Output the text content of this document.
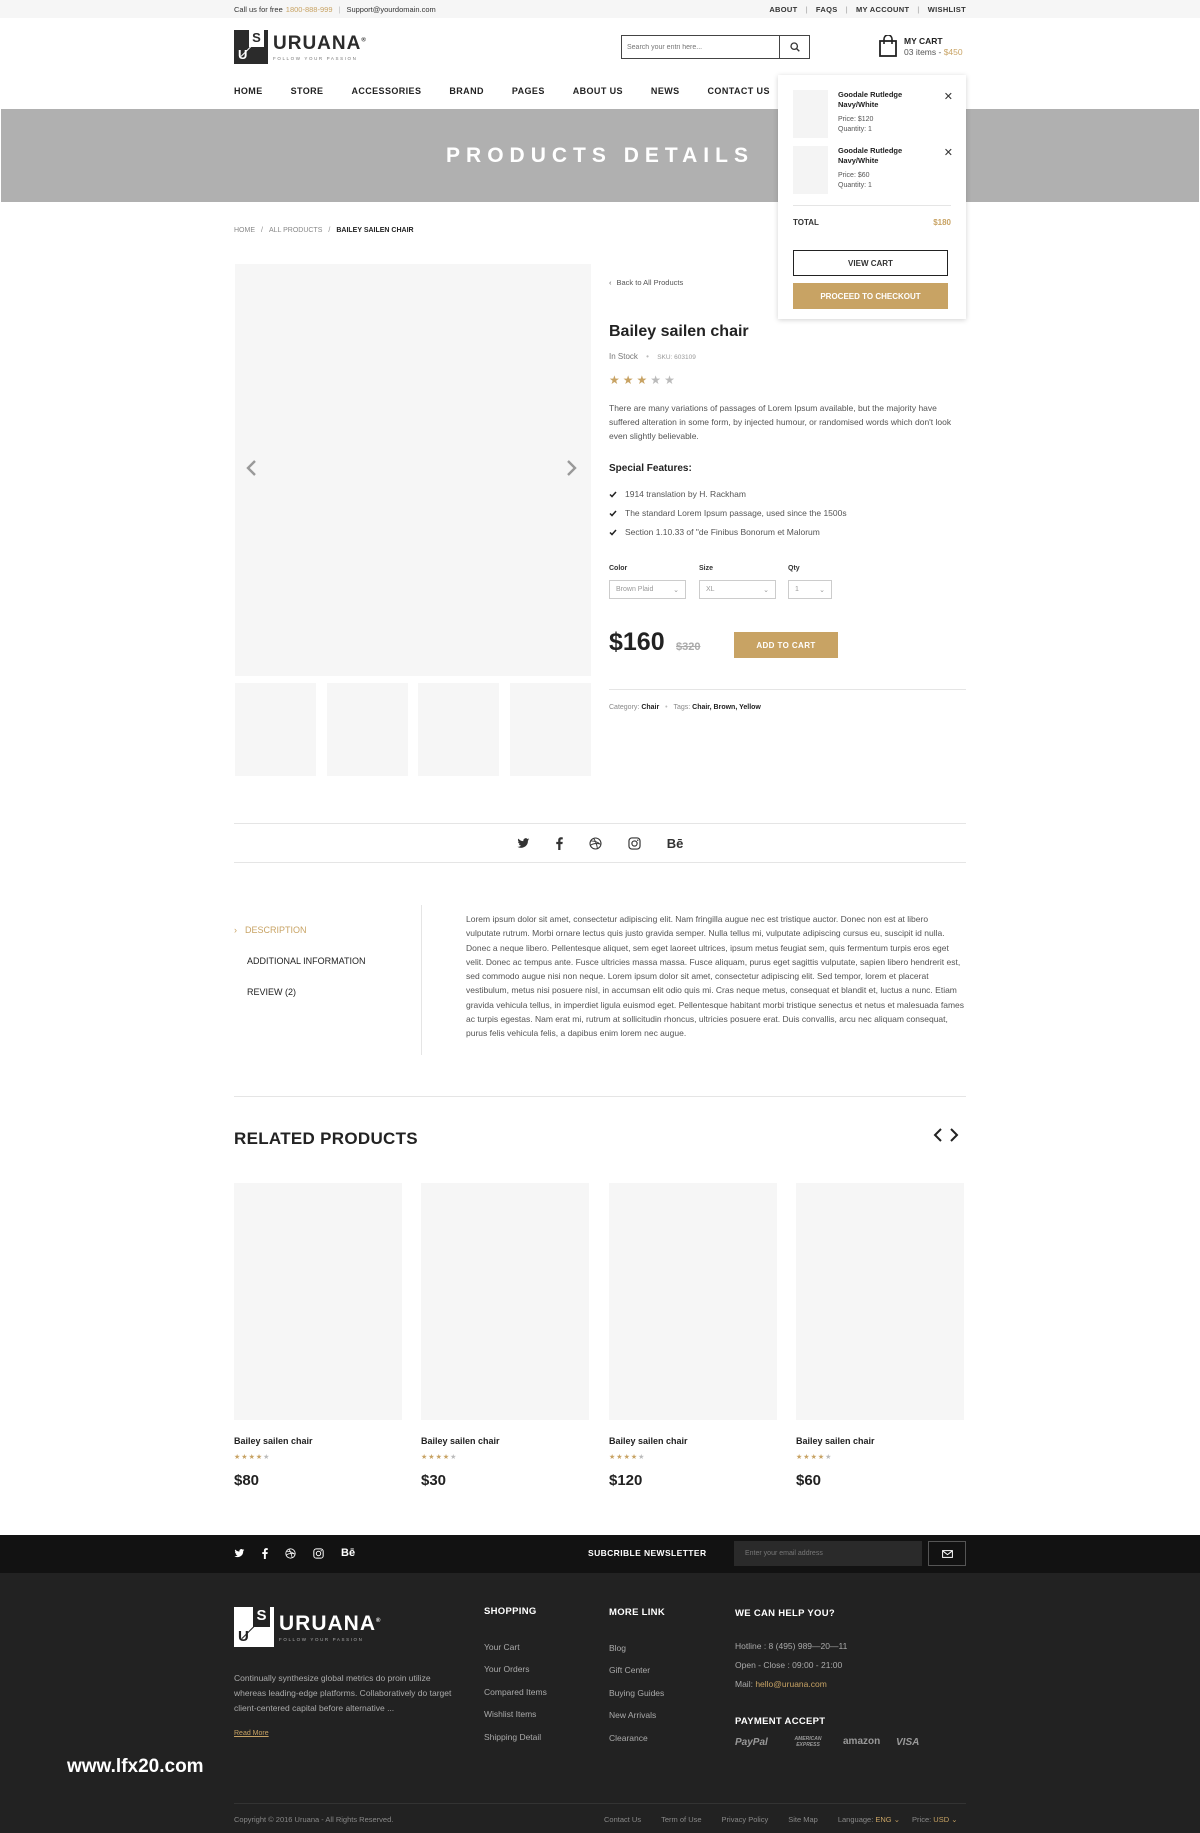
Call us for free 1800-888-999 | Support@yourdomain.com	ABOUT | FAQS | MY ACCOUNT | WISHLIST
U
S URUANA®
FOLLOW YOUR PASSION
Search your entri here...
MY CART
03 items - $450
HOME	STORE	ACCESSORIES	BRAND	PAGES	ABOUT US	NEWS	CONTACT US
PRODUCTS DETAILS
HOME / ALL PRODUCTS / BAILEY SAILEN CHAIR
‹ Back to All Products
Bailey sailen chair
In Stock • SKU: 603109
★ ★ ★ ★ ★
There are many variations of passages of Lorem Ipsum available, but the majority have suffered alteration in some form, by injected humour, or randomised words which don't look even slightly believable.
Special Features:
1914 translation by H. Rackham
The standard Lorem Ipsum passage, used since the 1500s
Section 1.10.33 of "de Finibus Bonorum et Malorum
Color	Size	Qty
Brown Plaid	⌄	XL	⌄	1	⌄
$160 $320	ADD TO CART
Category: Chair • Tags: Chair, Brown, Yellow
Goodale Rutledge Navy/White
Price: $120
Quantity: 1
✕
Goodale Rutledge Navy/White
Price: $60
Quantity: 1
✕
TOTAL	$180
VIEW CART
PROCEED TO CHECKOUT
Bē
› DESCRIPTION
ADDITIONAL INFORMATION
REVIEW (2)
Lorem ipsum dolor sit amet, consectetur adipiscing elit. Nam fringilla augue nec est tristique auctor. Donec non est at libero vulputate rutrum. Morbi ornare lectus quis justo gravida semper. Nulla tellus mi, vulputate adipiscing cursus eu, suscipit id nulla. Donec a neque libero. Pellentesque aliquet, sem eget laoreet ultrices, ipsum metus feugiat sem, quis fermentum turpis eros eget velit. Donec ac tempus ante. Fusce ultricies massa massa. Fusce aliquam, purus eget sagittis vulputate, sapien libero hendrerit est, sed commodo augue nisi non neque. Lorem ipsum dolor sit amet, consectetur adipiscing elit. Sed tempor, lorem et placerat vestibulum, metus nisi posuere nisl, in accumsan elit odio quis mi. Cras neque metus, consequat et blandit et, luctus a nunc. Etiam gravida vehicula tellus, in imperdiet ligula euismod eget. Pellentesque habitant morbi tristique senectus et netus et malesuada fames ac turpis egestas. Nam erat mi, rutrum at sollicitudin rhoncus, ultricies posuere erat. Duis convallis, arcu nec aliquam consequat, purus felis vehicula felis, a dapibus enim lorem nec augue.
RELATED PRODUCTS
Bailey sailen chair
★ ★ ★ ★ ★
$80
Bailey sailen chair
★ ★ ★ ★ ★
$30
Bailey sailen chair
★ ★ ★ ★ ★
$120
Bailey sailen chair
★ ★ ★ ★ ★
$60
Bē	SUBCRIBLE NEWSLETTER	Enter your email address
U
S URUANA®
FOLLOW YOUR PASSION
Continually synthesize global metrics do proin utilize whereas leading-edge platforms. Collaboratively do target client-centered capital before alternative ...
Read More
SHOPPING
Your Cart
Your Orders
Compared Items
Wishlist Items
Shipping Detail
MORE LINK
Blog
Gift Center
Buying Guides
New Arrivals
Clearance
WE CAN HELP YOU?
Hotline : 8 (495) 989—20—11
Open - Close : 09:00 - 21:00
Mail: hello@uruana.com
PAYMENT ACCEPT
PayPal	AMERICAN EXPRESS	amazon VISA
www.lfx20.com
Copyright © 2016 Uruana - All Rights Reserved.	Contact Us	Term of Use	Privacy Policy	Site Map	Language: ENG ⌄ Price: USD ⌄
